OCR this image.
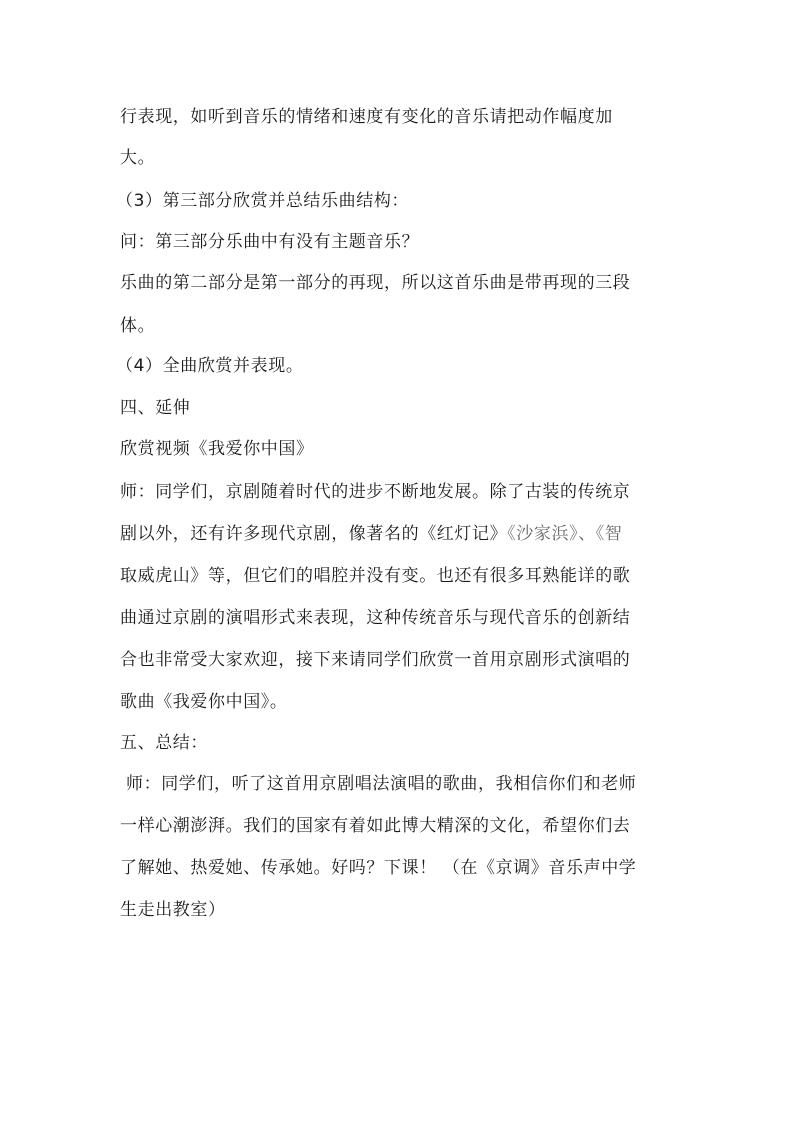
行表现，如听到音乐的情绪和速度有变化的音乐请把动作幅度加
大。
（3）第三部分欣赏并总结乐曲结构：
问：第三部分乐曲中有没有主题音乐？
乐曲的第二部分是第一部分的再现，所以这首乐曲是带再现的三段
体。
（4）全曲欣赏并表现。
四、延伸
欣赏视频《我爱你中国》
师：同学们，京剧随着时代的进步不断地发展。除了古装的传统京
剧以外，还有许多现代京剧，像著名的《红灯记》《沙家浜》、《智
取威虎山》等，但它们的唱腔并没有变。也还有很多耳熟能详的歌
曲通过京剧的演唱形式来表现，这种传统音乐与现代音乐的创新结
合也非常受大家欢迎，接下来请同学们欣赏一首用京剧形式演唱的
歌曲《我爱你中国》。
五、总结：
师：同学们，听了这首用京剧唱法演唱的歌曲，我相信你们和老师
一样心潮澎湃。我们的国家有着如此博大精深的文化，希望你们去
了解她、热爱她、传承她。好吗？下课！ （在《京调》音乐声中学
生走出教室）
